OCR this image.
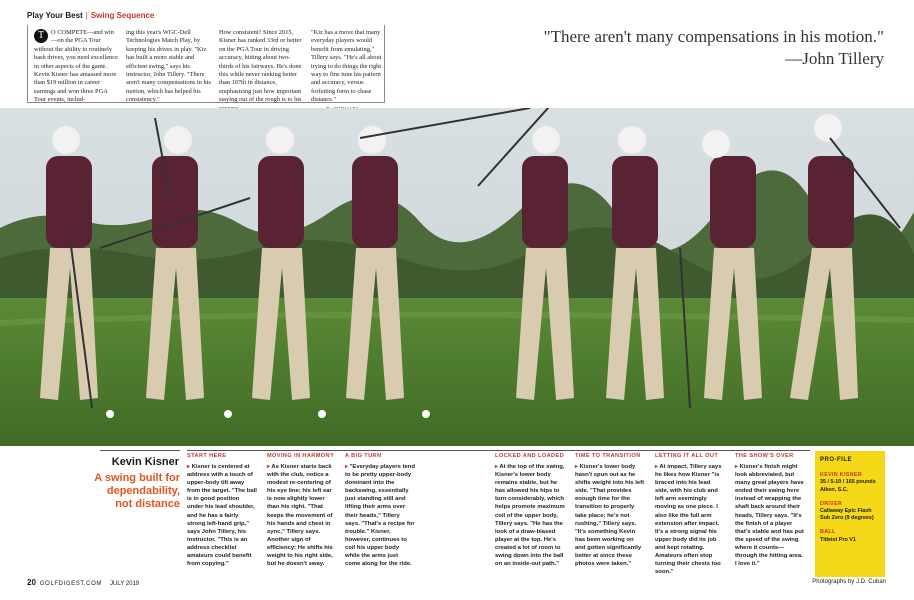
Play Your Best | Swing Sequence
T	O COMPETE—and win—on the PGA Tour without the ability to routinely bash drives, you need excellence in other aspects of the game. Kevin Kisner has amassed more than $19 million in career earnings and won three PGA Tour events, includ-

ing this year's WGC-Dell Technologies Match Play, by keeping his drives in play. "Kiz has built a more stable and efficient swing," says his instructor, John Tillery. "There aren't many compensations in his motion, which has helped his consistency."

How consistent? Since 2015, Kisner has ranked 33rd or better on the PGA Tour in driving accuracy, hitting about two-thirds of his fairways. He's done this while never ranking better than 107th in distance, emphasizing just how important staying out of the rough is to his

"Kiz has a move that many everyday players would benefit from emulating," Tillery says. "He's all about trying to do things the right way to fine tune his pattern and accuracy, versus forfeiting form to chase distance."

"There aren't many compensations in his motion."
—John Tillery
Kevin Kisner
A swing built for dependability, not distance
START HERE
▸ Kisner is centered at address with a touch of upper-body tilt away from the target. "The ball is in good position under his lead shoulder, and he has a fairly strong left-hand grip," says John Tillery, his instructor. "This is an address checklist amateurs could benefit from copying."
MOVING IN HARMONY
▸ As Kisner starts back with the club, notice a modest re-centering of his eye line; his left ear is now slightly lower than his right. "That keeps the movement of his hands and chest in sync," Tillery says. Another sign of efficiency: He shifts his weight to his right side, but he doesn't sway.
A BIG TURN
▸ "Everyday players tend to be pretty upper-body dominant into the backswing, essentially just standing still and lifting their arms over their heads," Tillery says. "That's a recipe for trouble." Kisner, however, continues to coil his upper body while the arms just come along for the ride.
LOCKED AND LOADED
▸ At the top of the swing, Kisner's lower body remains stable, but he has allowed his hips to turn considerably, which helps promote maximum coil of the upper body, Tillery says. "He has the look of a draw-biased player at the top. He's created a lot of room to swing down into the ball on an inside-out path."
TIME TO TRANSITION
▸ Kisner's lower body hasn't spun out as he shifts weight into his left side. "That provides enough time for the transition to properly take place; he's not rushing," Tillery says. "It's something Kevin has been working on and gotten significantly better at since these photos were taken."
LETTING IT ALL OUT
▸ At impact, Tillery says he likes how Kisner "is braced into his lead side, with his club and left arm seemingly moving as one piece. I also like the full arm extension after impact. It's a strong signal his upper body did its job and kept rotating. Amateurs often stop turning their chests too soon."
THE SHOW'S OVER
▸ Kisner's finish might look abbreviated, but many great players have ended their swing here instead of wrapping the shaft back around their heads, Tillery says. "It's the finish of a player that's stable and has put the speed of the swing where it counts—through the hitting area. I love it."
PRO-FILE
KEVIN KISNER
35 / 5-10 / 165 pounds Aiken, S.C.
DRIVER
Callaway Epic Flash Sub Zero (9 degrees)
BALL
Titleist Pro V1
20 GOLFDIGEST.COM JULY 2019	Photographs by J.D. Cuban
